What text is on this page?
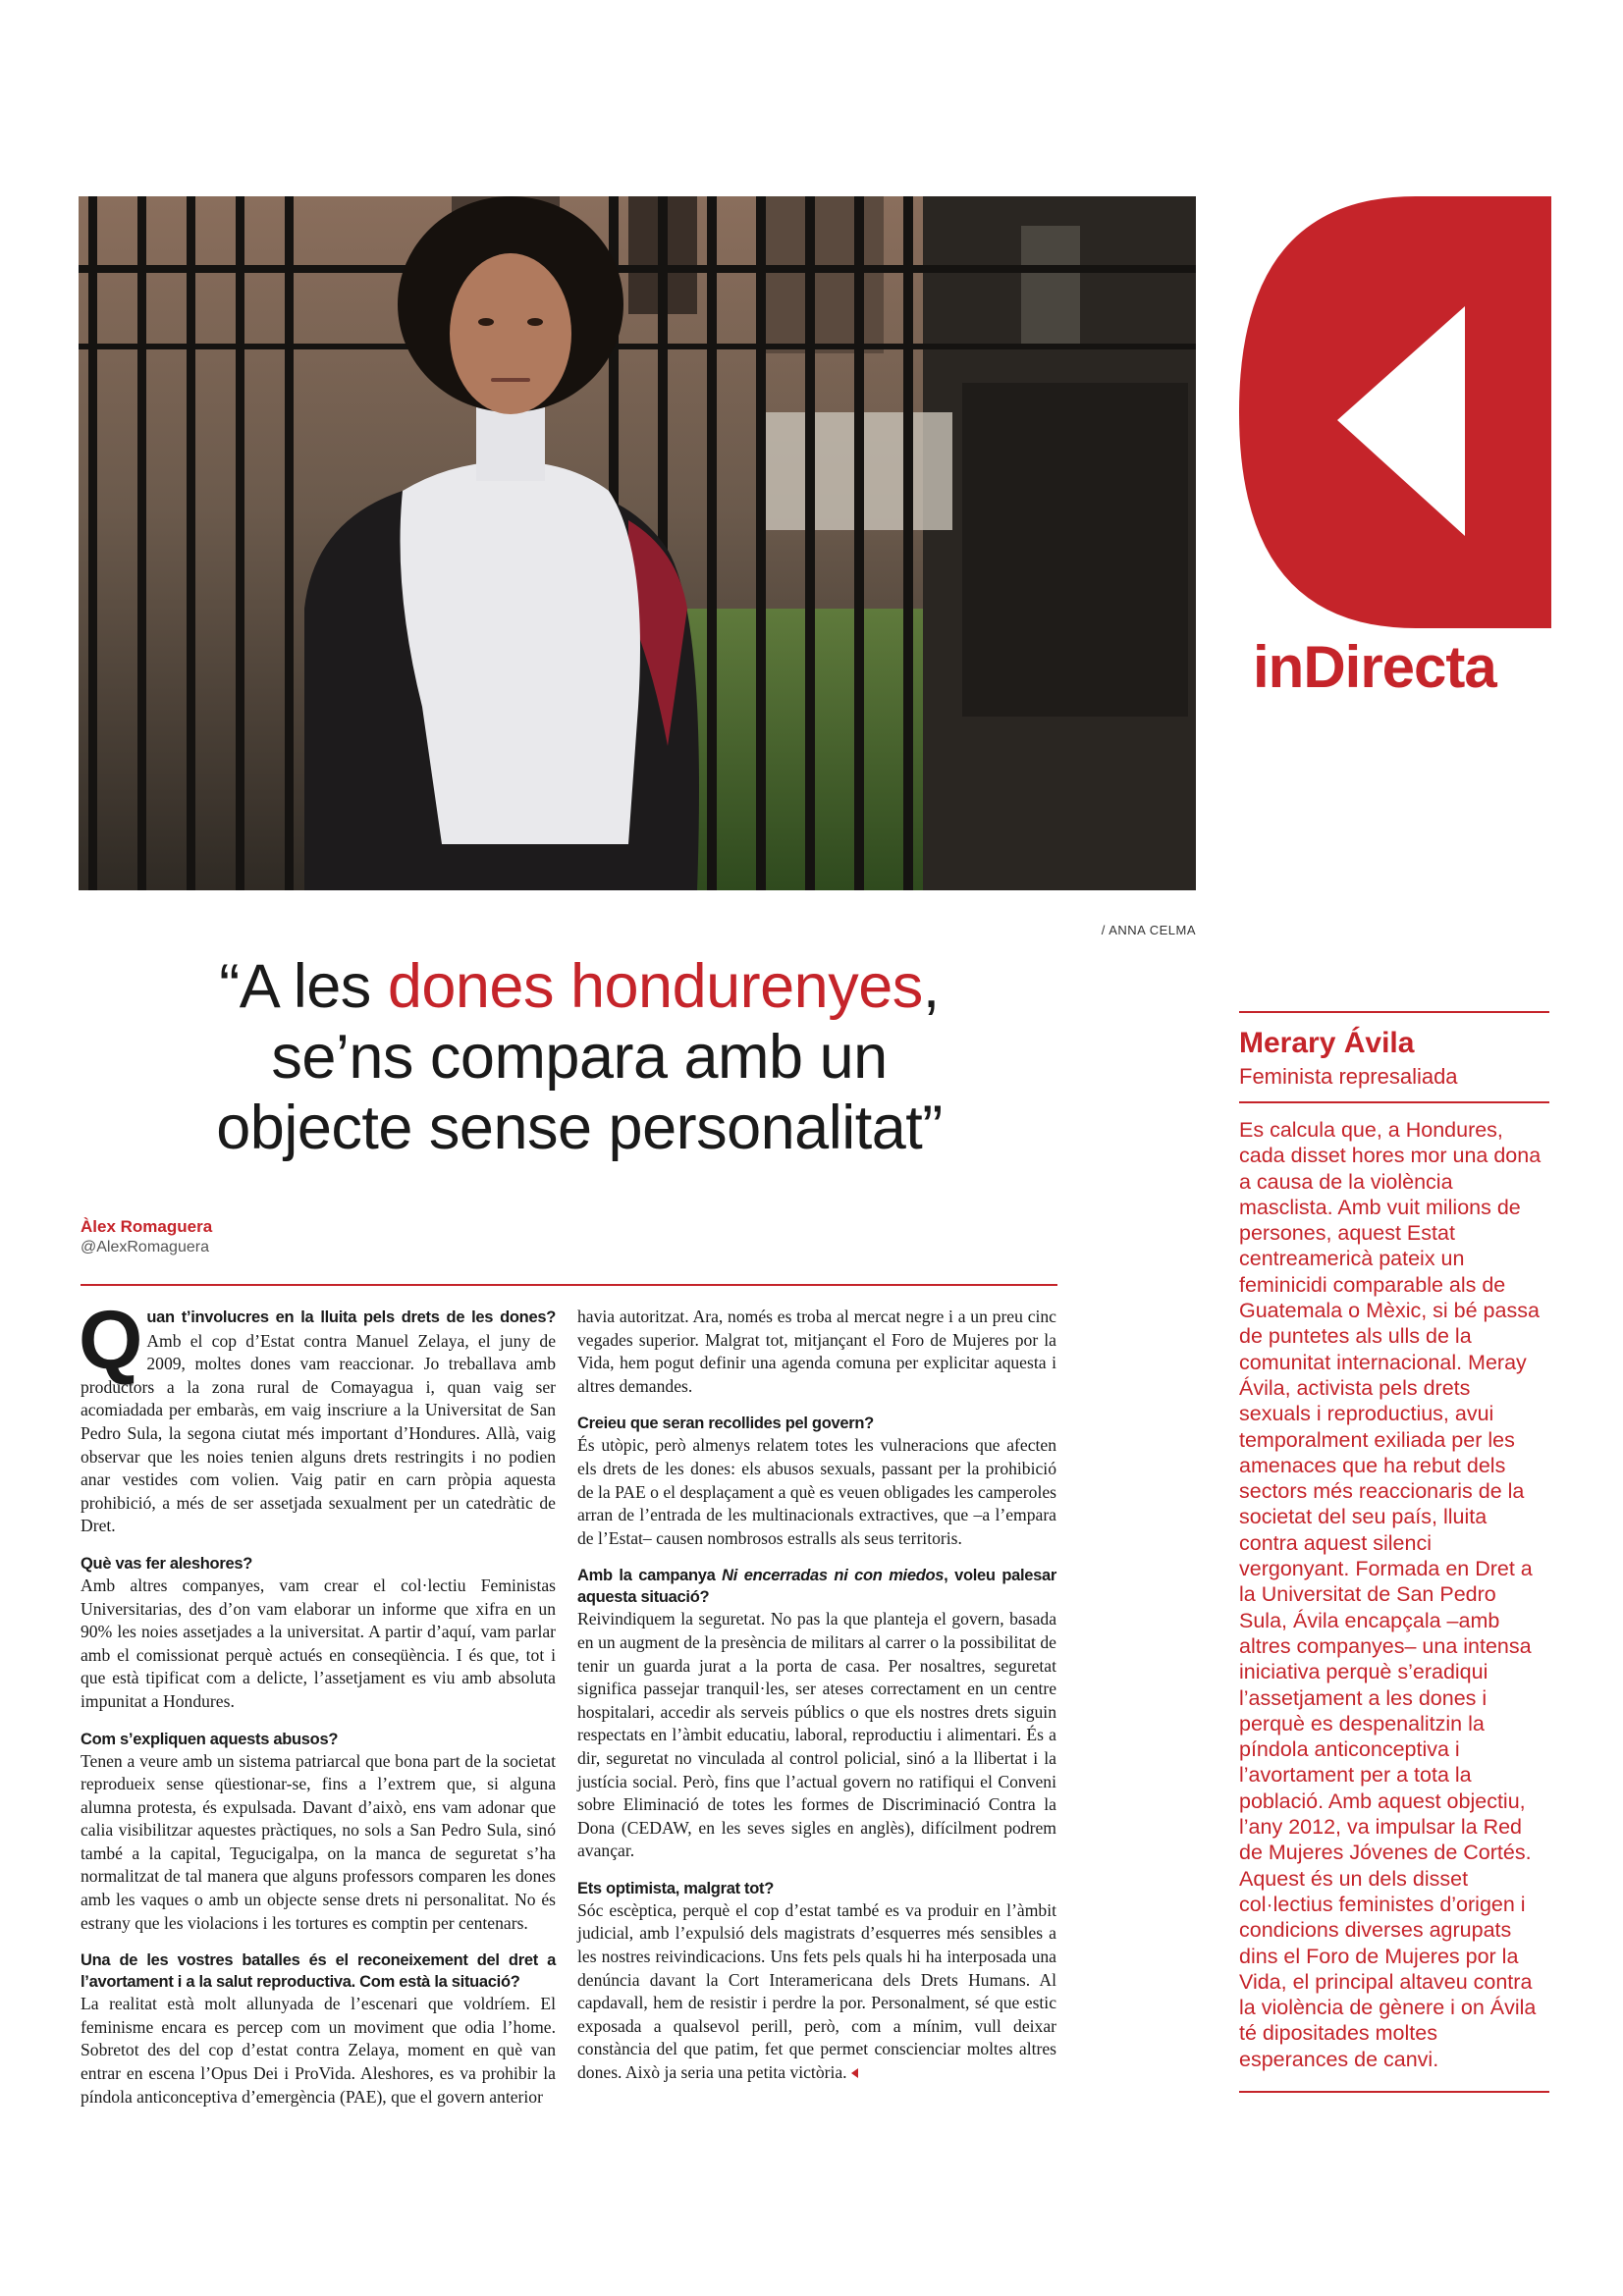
/ ANNA CELMA
inDirecta
“A les dones hondurenyes,
se’ns compara amb un
objecte sense personalitat”
Àlex Romaguera
@AlexRomaguera

Quan t’involucres en la lluita pels drets de les dones? Amb el cop d’Estat contra Manuel Zelaya, el juny de 2009, moltes dones vam reaccionar. Jo treballava amb productors a la zona rural de Comayagua i, quan vaig ser acomiadada per embaràs, em vaig inscriure a la Universitat de San Pedro Sula, la segona ciutat més important d’Hondures. Allà, vaig observar que les noies tenien alguns drets restringits i no podien anar vestides com volien. Vaig patir en carn pròpia aquesta prohibició, a més de ser assetjada sexualment per un catedràtic de Dret.

Què vas fer aleshores?

Amb altres companyes, vam crear el col·lectiu Feministas Universitarias, des d’on vam elaborar un informe que xifra en un 90% les noies assetjades a la universitat. A partir d’aquí, vam parlar amb el comissionat perquè actués en conseqüència. I és que, tot i que està tipificat com a delicte, l’assetjament es viu amb absoluta impunitat a Hondures.

Com s’expliquen aquests abusos?

Tenen a veure amb un sistema patriarcal que bona part de la societat reprodueix sense qüestionar-se, fins a l’extrem que, si alguna alumna protesta, és expulsada. Davant d’això, ens vam adonar que calia visibilitzar aquestes pràctiques, no sols a San Pedro Sula, sinó també a la capital, Tegucigalpa, on la manca de seguretat s’ha normalitzat de tal manera que alguns professors comparen les dones amb les vaques o amb un objecte sense drets ni personalitat. No és estrany que les violacions i les tortures es comptin per centenars.

Una de les vostres batalles és el reconeixement del dret a l’avortament i a la salut reproductiva. Com està la situació?

La realitat està molt allunyada de l’escenari que voldríem. El feminisme encara es percep com un moviment que odia l’home. Sobretot des del cop d’estat contra Zelaya, moment en què van entrar en escena l’Opus Dei i ProVida. Aleshores, es va prohibir la píndola anticonceptiva d’emergència (PAE), que el govern anterior

havia autoritzat. Ara, només es troba al mercat negre i a un preu cinc vegades superior. Malgrat tot, mitjançant el Foro de Mujeres por la Vida, hem pogut definir una agenda comuna per explicitar aquesta i altres demandes.

Creieu que seran recollides pel govern?

És utòpic, però almenys relatem totes les vulneracions que afecten els drets de les dones: els abusos sexuals, passant per la prohibició de la PAE o el desplaçament a què es veuen obligades les camperoles arran de l’entrada de les multinacionals extractives, que –a l’empara de l’Estat– causen nombrosos estralls als seus territoris.

Amb la campanya Ni encerradas ni con miedos, voleu palesar aquesta situació?

Reivindiquem la seguretat. No pas la que planteja el govern, basada en un augment de la presència de militars al carrer o la possibilitat de tenir un guarda jurat a la porta de casa. Per nosaltres, seguretat significa passejar tranquil·les, ser ateses correctament en un centre hospitalari, accedir als serveis públics o que els nostres drets siguin respectats en l’àmbit educatiu, laboral, reproductiu i alimentari. És a dir, seguretat no vinculada al control policial, sinó a la llibertat i la justícia social. Però, fins que l’actual govern no ratifiqui el Conveni sobre Eliminació de totes les formes de Discriminació Contra la Dona (CEDAW, en les seves sigles en anglès), difícilment podrem avançar.

Ets optimista, malgrat tot?

Sóc escèptica, perquè el cop d’estat també es va produir en l’àmbit judicial, amb l’expulsió dels magistrats d’esquerres més sensibles a les nostres reivindicacions. Uns fets pels quals hi ha interposada una denúncia davant la Cort Interamericana dels Drets Humans. Al capdavall, hem de resistir i perdre la por. Personalment, sé que estic exposada a qualsevol perill, però, com a mínim, vull deixar constància del que patim, fet que permet conscienciar moltes altres dones. Això ja seria una petita victòria.

Merary Ávila
Feminista represaliada
Es calcula que, a Hondures, cada disset hores mor una dona a causa de la violència masclista. Amb vuit milions de persones, aquest Estat centreamericà pateix un feminicidi comparable als de Guatemala o Mèxic, si bé passa de puntetes als ulls de la comunitat internacional. Meray Ávila, activista pels drets sexuals i reproductius, avui temporalment exiliada per les amenaces que ha rebut dels sectors més reaccionaris de la societat del seu país, lluita contra aquest silenci vergonyant. Formada en Dret a la Universitat de San Pedro Sula, Ávila encapçala –amb altres companyes– una intensa iniciativa perquè s’eradiqui l’assetjament a les dones i perquè es despenalitzin la píndola anticonceptiva i l’avortament per a tota la població. Amb aquest objectiu, l’any 2012, va impulsar la Red de Mujeres Jóvenes de Cortés. Aquest és un dels disset col·lectius feministes d’origen i condicions diverses agrupats dins el Foro de Mujeres por la Vida, el principal altaveu contra la violència de gènere i on Ávila té dipositades moltes esperances de canvi.
